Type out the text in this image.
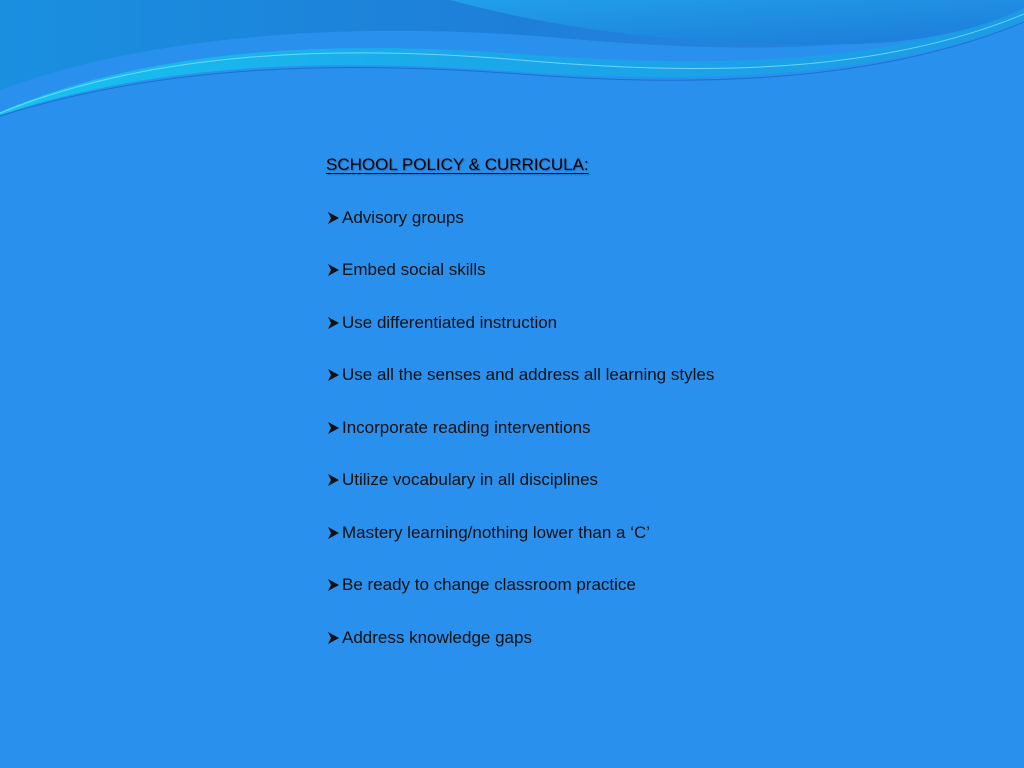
SCHOOL POLICY & CURRICULA:
Advisory groups
Embed social skills
Use differentiated instruction
Use all the senses and address all learning styles
Incorporate reading interventions
Utilize vocabulary in all disciplines
Mastery learning/nothing lower than a ‘C’
Be ready to change classroom practice
Address knowledge gaps
